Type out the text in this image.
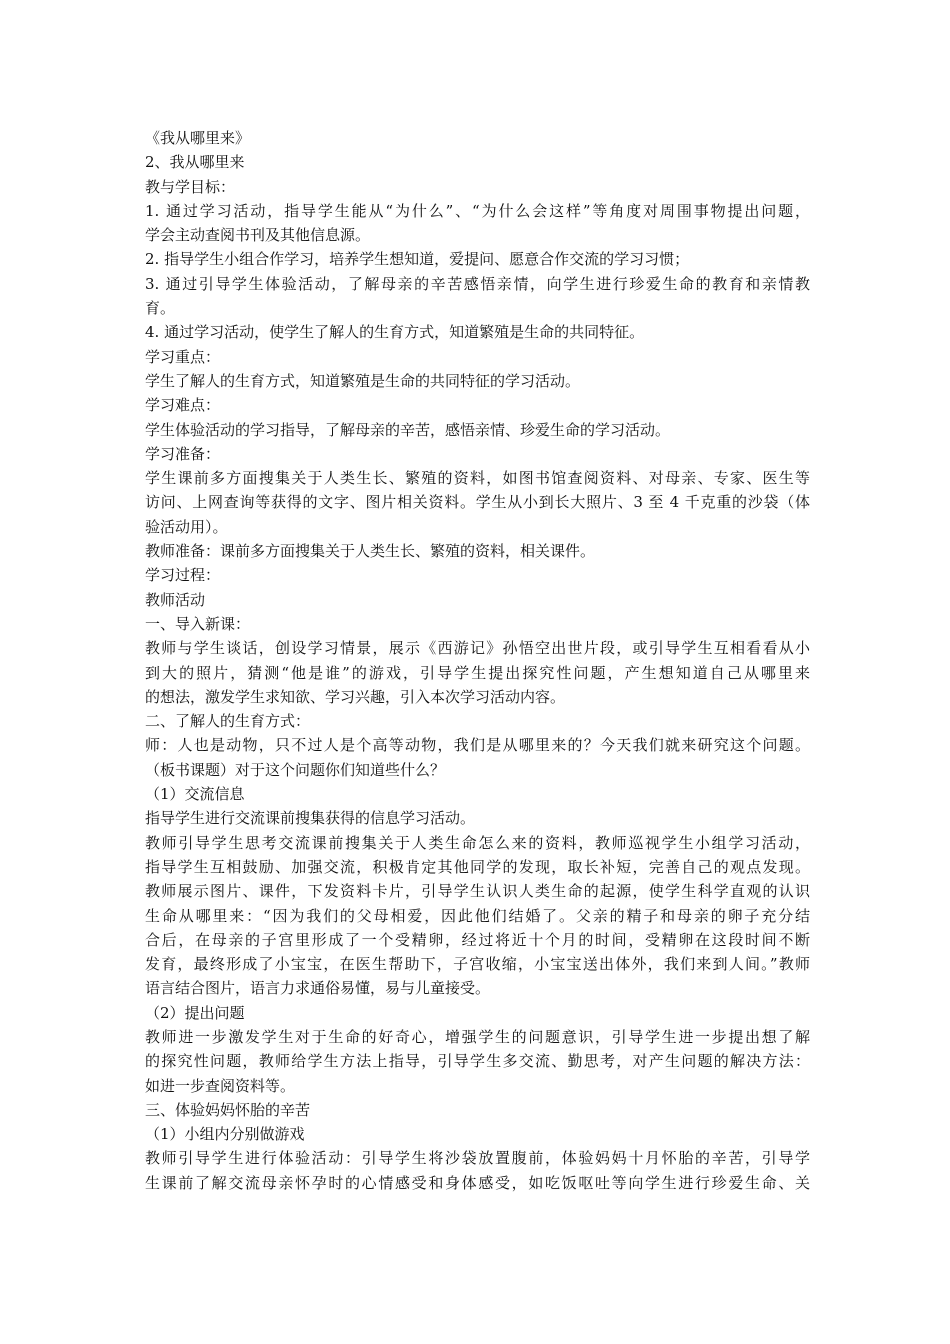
《我从哪里来》
2、我从哪里来
教与学目标：
1. 通过学习活动，指导学生能从“为什么”、“为什么会这样”等角度对周围事物提出问题，
学会主动查阅书刊及其他信息源。
2. 指导学生小组合作学习，培养学生想知道，爱提问、愿意合作交流的学习习惯；
3. 通过引导学生体验活动，了解母亲的辛苦感悟亲情，向学生进行珍爱生命的教育和亲情教
育。
4. 通过学习活动，使学生了解人的生育方式，知道繁殖是生命的共同特征。
学习重点：
学生了解人的生育方式，知道繁殖是生命的共同特征的学习活动。
学习难点：
学生体验活动的学习指导，了解母亲的辛苦，感悟亲情、珍爱生命的学习活动。
学习准备：
学生课前多方面搜集关于人类生长、繁殖的资料，如图书馆查阅资料、对母亲、专家、医生等
访问、上网查询等获得的文字、图片相关资料。学生从小到长大照片、3 至 4 千克重的沙袋（体
验活动用）。
教师准备：课前多方面搜集关于人类生长、繁殖的资料，相关课件。
学习过程：
教师活动
一、导入新课：
教师与学生谈话，创设学习情景，展示《西游记》孙悟空出世片段，或引导学生互相看看从小
到大的照片，猜测“他是谁”的游戏，引导学生提出探究性问题，产生想知道自己从哪里来
的想法，激发学生求知欲、学习兴趣，引入本次学习活动内容。
二、了解人的生育方式：
师：人也是动物，只不过人是个高等动物，我们是从哪里来的？今天我们就来研究这个问题。
（板书课题）对于这个问题你们知道些什么？
（1）交流信息
指导学生进行交流课前搜集获得的信息学习活动。
教师引导学生思考交流课前搜集关于人类生命怎么来的资料，教师巡视学生小组学习活动，
指导学生互相鼓励、加强交流，积极肯定其他同学的发现，取长补短，完善自己的观点发现。
教师展示图片、课件，下发资料卡片，引导学生认识人类生命的起源，使学生科学直观的认识
生命从哪里来：“因为我们的父母相爱，因此他们结婚了。父亲的精子和母亲的卵子充分结
合后，在母亲的子宫里形成了一个受精卵，经过将近十个月的时间，受精卵在这段时间不断
发育，最终形成了小宝宝，在医生帮助下，子宫收缩，小宝宝送出体外，我们来到人间。”教师
语言结合图片，语言力求通俗易懂，易与儿童接受。
（2）提出问题
教师进一步激发学生对于生命的好奇心，增强学生的问题意识，引导学生进一步提出想了解
的探究性问题，教师给学生方法上指导，引导学生多交流、勤思考，对产生问题的解决方法：
如进一步查阅资料等。
三、体验妈妈怀胎的辛苦
（1）小组内分别做游戏
教师引导学生进行体验活动：引导学生将沙袋放置腹前，体验妈妈十月怀胎的辛苦，引导学
生课前了解交流母亲怀孕时的心情感受和身体感受，如吃饭呕吐等向学生进行珍爱生命、关
